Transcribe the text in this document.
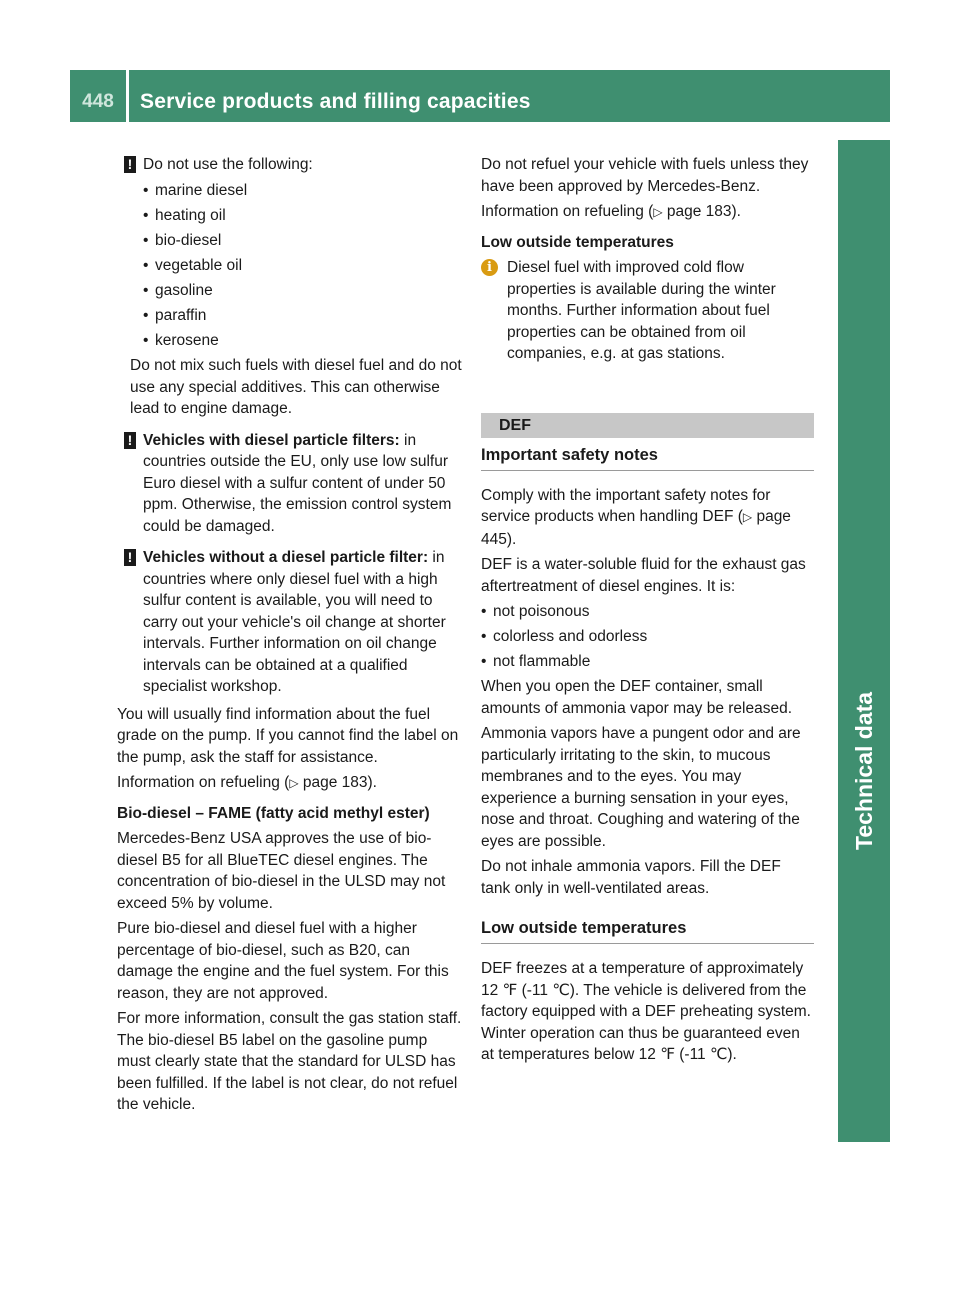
448	Service products and filling capacities
Technical data
! Do not use the following:

• marine diesel
• heating oil
• bio-diesel
• vegetable oil
• gasoline
• paraffin
• kerosene

Do not mix such fuels with diesel fuel and do not use any special additives. This can otherwise lead to engine damage.

! Vehicles with diesel particle filters: in countries outside the EU, only use low sulfur Euro diesel with a sulfur content of under 50 ppm. Otherwise, the emission control system could be damaged.

! Vehicles without a diesel particle filter: in countries where only diesel fuel with a high sulfur content is available, you will need to carry out your vehicle's oil change at shorter intervals. Further information on oil change intervals can be obtained at a qualified specialist workshop.

You will usually find information about the fuel grade on the pump. If you cannot find the label on the pump, ask the staff for assistance.

Information on refueling (▷ page 183).

Bio-diesel – FAME (fatty acid methyl ester)

Mercedes-Benz USA approves the use of bio-diesel B5 for all BlueTEC diesel engines. The concentration of bio-diesel in the ULSD may not exceed 5% by volume.

Pure bio-diesel and diesel fuel with a higher percentage of bio-diesel, such as B20, can damage the engine and the fuel system. For this reason, they are not approved.

For more information, consult the gas station staff. The bio-diesel B5 label on the gasoline pump must clearly state that the standard for ULSD has been fulfilled. If the label is not clear, do not refuel the vehicle.

Do not refuel your vehicle with fuels unless they have been approved by Mercedes-Benz.

Information on refueling (▷ page 183).

Low outside temperatures

i Diesel fuel with improved cold flow properties is available during the winter months. Further information about fuel properties can be obtained from oil companies, e.g. at gas stations.

DEF
Important safety notes

Comply with the important safety notes for service products when handling DEF (▷ page 445).

DEF is a water-soluble fluid for the exhaust gas aftertreatment of diesel engines. It is:

• not poisonous
• colorless and odorless
• not flammable

When you open the DEF container, small amounts of ammonia vapor may be released.

Ammonia vapors have a pungent odor and are particularly irritating to the skin, to mucous membranes and to the eyes. You may experience a burning sensation in your eyes, nose and throat. Coughing and watering of the eyes are possible.

Do not inhale ammonia vapors. Fill the DEF tank only in well-ventilated areas.

Low outside temperatures

DEF freezes at a temperature of approximately 12 ℉ (-11 ℃). The vehicle is delivered from the factory equipped with a DEF preheating system. Winter operation can thus be guaranteed even at temperatures below 12 ℉ (-11 ℃).
